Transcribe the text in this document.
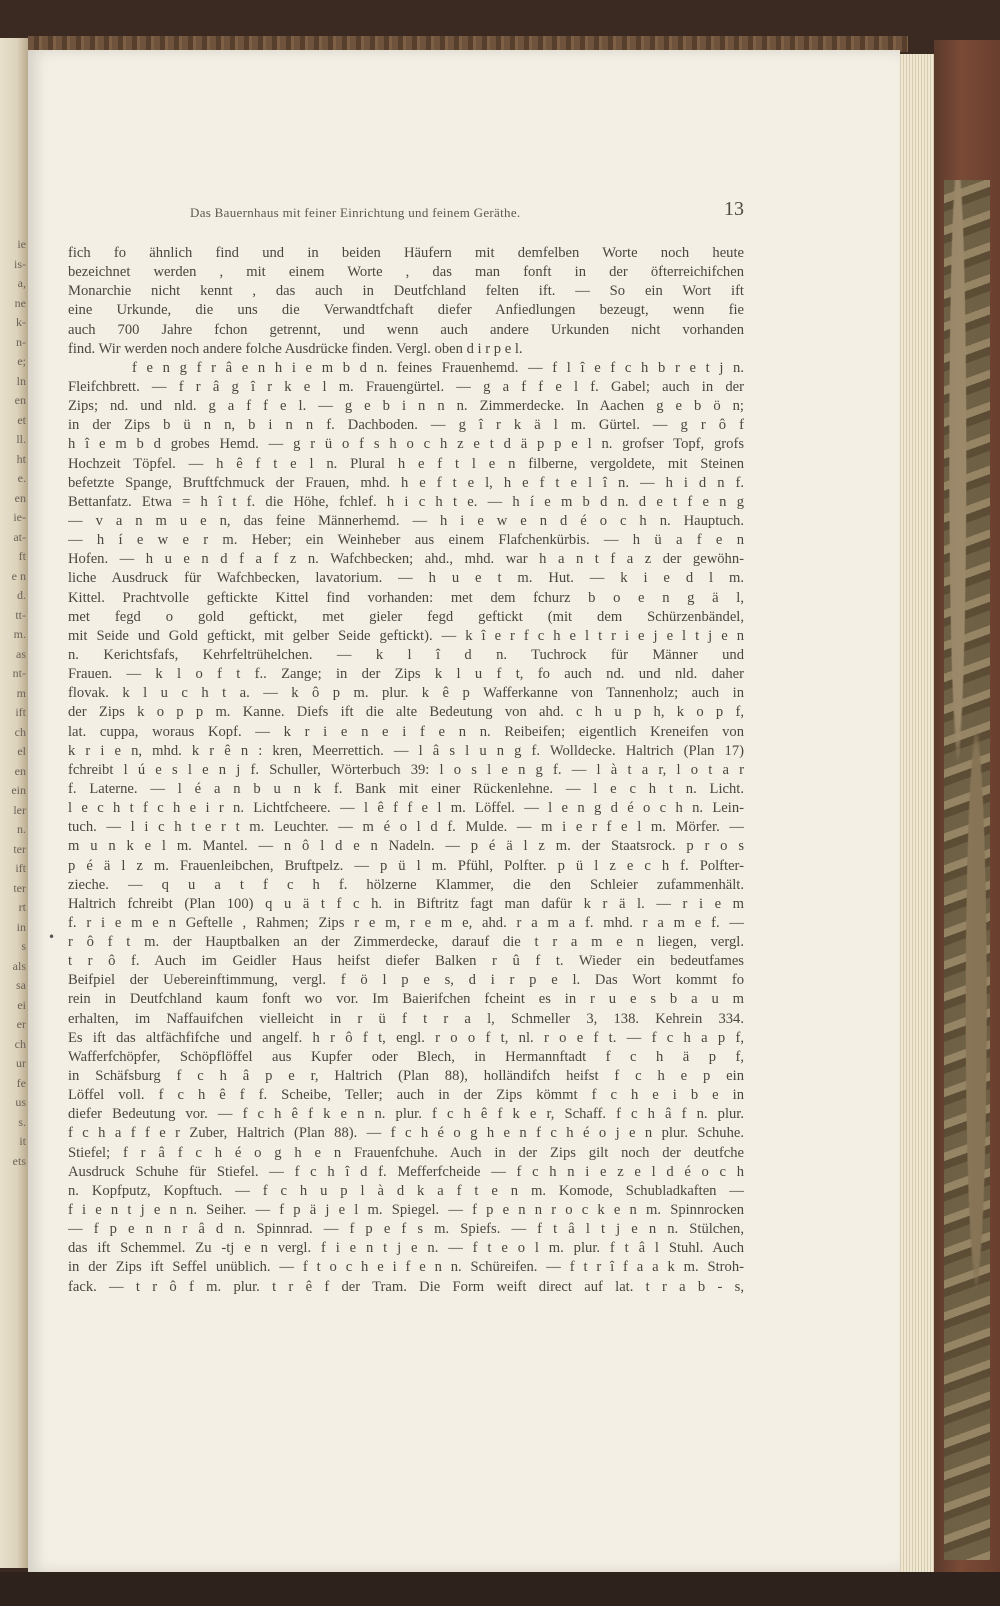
ie
is-
a,
ne
k-
n-
e;
ln
en
et
ll.
ht
e.
en
ie-
at-
ft
e n
d.
tt-
m.
as
nt-
m
ift
ch
el
en
ein
ler
n.
ter
ift
ter
rt
in
s
als
sa
ei
er
ch
ur
fe
us
s.
it
ets
Das Bauernhaus mit feiner Einrichtung und feinem Geräthe.	13
•
fich fo ähnlich find und in beiden Häufern mit demfelben Worte noch heute
bezeichnet werden , mit einem Worte , das man fonft in der öfterreichifchen
Monarchie nicht kennt , das auch in Deutfchland felten ift. — So ein Wort ift
eine Urkunde, die uns die Verwandtfchaft diefer Anfiedlungen bezeugt, wenn fie
auch 700 Jahre fchon getrennt, und wenn auch andere Urkunden nicht vorhanden
find. Wir werden noch andere folche Ausdrücke finden. Vergl. oben d i r p e l.
f e n g f r â e n h i e m b d n. feines Frauenhemd. — f l î e f c h b r e t j n.
Fleifchbrett. — f r â g î r k e l m. Frauengürtel. — g a f f e l f. Gabel; auch in der
Zips; nd. und nld. g a f f e l. — g e b i n n n. Zimmerdecke. In Aachen g e b ö n;
in der Zips b ü n n, b i n n f. Dachboden. — g î r k ä l m. Gürtel. — g r ô f
h î e m b d grobes Hemd. — g r ü o f s h o c h z e t d ä p p e l n. grofser Topf, grofs
Hochzeit Töpfel. — h ê f t e l n. Plural h e f t l e n filberne, vergoldete, mit Steinen
befetzte Spange, Bruftfchmuck der Frauen, mhd. h e f t e l, h e f t e l î n. — h i d n f.
Bettanfatz. Etwa = h î t f. die Höhe, fchlef. h i c h t e. — h í e m b d n. d e t f e n g
— v a n m u e n, das feine Männerhemd. — h i e w e n d é o c h n. Hauptuch.
— h í e w e r m. Heber; ein Weinheber aus einem Flafchenkürbis. — h ü a f e n
Hofen. — h u e n d f a f z n. Wafchbecken; ahd., mhd. war h a n t f a z der gewöhn-
liche Ausdruck für Wafchbecken, lavatorium. — h u e t m. Hut. — k i e d l m.
Kittel. Prachtvolle geftickte Kittel find vorhanden: met dem fchurz b o e n g ä l,
met fegd o gold geftickt, met gieler fegd geftickt (mit dem Schürzenbändel,
mit Seide und Gold geftickt, mit gelber Seide geftickt). — k î e r f c h e l t r i e j e l t j e n
n. Kerichtsfafs, Kehrfeltrühelchen. — k l î d n. Tuchrock für Männer und
Frauen. — k l o f t f.. Zange; in der Zips k l u f t, fo auch nd. und nld. daher
flovak. k l u c h t a. — k ô p m. plur. k ê p Wafferkanne von Tannenholz; auch in
der Zips k o p p m. Kanne. Diefs ift die alte Bedeutung von ahd. c h u p h, k o p f,
lat. cuppa, woraus Kopf. — k r i e n e i f e n n. Reibeifen; eigentlich Kreneifen von
k r i e n, mhd. k r ê n : kren, Meerrettich. — l â s l u n g f. Wolldecke. Haltrich (Plan 17)
fchreibt l ú e s l e n j f. Schuller, Wörterbuch 39: l o s l e n g f. — l à t a r, l o t a r
f. Laterne. — l é a n b u n k f. Bank mit einer Rückenlehne. — l e c h t n. Licht.
l e c h t f c h e i r n. Lichtfcheere. — l ê f f e l m. Löffel. — l e n g d é o c h n. Lein-
tuch. — l i c h t e r t m. Leuchter. — m é o l d f. Mulde. — m i e r f e l m. Mörfer. —
m u n k e l m. Mantel. — n ô l d e n Nadeln. — p é ä l z m. der Staatsrock. p r o s
p é ä l z m. Frauenleibchen, Bruftpelz. — p ü l m. Pfühl, Polfter. p ü l z e c h f. Polfter-
zieche. — q u a t f c h f. hölzerne Klammer, die den Schleier zufammenhält.
Haltrich fchreibt (Plan 100) q u ä t f c h. in Biftritz fagt man dafür k r ä l. — r i e m
f. r i e m e n Geftelle , Rahmen; Zips r e m, r e m e, ahd. r a m a f. mhd. r a m e f. —
r ô f t m. der Hauptbalken an der Zimmerdecke, darauf die t r a m e n liegen, vergl.
t r ô f. Auch im Geidler Haus heifst diefer Balken r û f t. Wieder ein bedeutfames
Beifpiel der Uebereinftimmung, vergl. f ö l p e s, d i r p e l. Das Wort kommt fo
rein in Deutfchland kaum fonft wo vor. Im Baierifchen fcheint es in r u e s b a u m
erhalten, im Naffauifchen vielleicht in r ü f t r a l, Schmeller 3, 138. Kehrein 334.
Es ift das altfächfifche und angelf. h r ô f t, engl. r o o f t, nl. r o e f t. — f c h a p f,
Wafferfchöpfer, Schöpflöffel aus Kupfer oder Blech, in Hermannftadt f c h ä p f,
in Schäfsburg f c h â p e r, Haltrich (Plan 88), holländifch heifst f c h e p ein
Löffel voll. f c h ê f f. Scheibe, Teller; auch in der Zips kömmt f c h e i b e in
diefer Bedeutung vor. — f c h ê f k e n n. plur. f c h ê f k e r, Schaff. f c h â f n. plur.
f c h a f f e r Zuber, Haltrich (Plan 88). — f c h é o g h e n f c h é o j e n plur. Schuhe.
Stiefel; f r â f c h é o g h e n Frauenfchuhe. Auch in der Zips gilt noch der deutfche
Ausdruck Schuhe für Stiefel. — f c h î d f. Mefferfcheide — f c h n i e z e l d é o c h
n. Kopfputz, Kopftuch. — f c h u p l à d k a f t e n m. Komode, Schubladkaften —
f i e n t j e n n. Seiher. — f p ä j e l m. Spiegel. — f p e n n r o c k e n m. Spinnrocken
— f p e n n r â d n. Spinnrad. — f p e f s m. Spiefs. — f t â l t j e n n. Stülchen,
das ift Schemmel. Zu -tj e n vergl. f i e n t j e n. — f t e o l m. plur. f t â l Stuhl. Auch
in der Zips ift Seffel unüblich. — f t o c h e i f e n n. Schüreifen. — f t r î f a a k m. Stroh-
fack. — t r ô f m. plur. t r ê f der Tram. Die Form weift direct auf lat. t r a b - s,
